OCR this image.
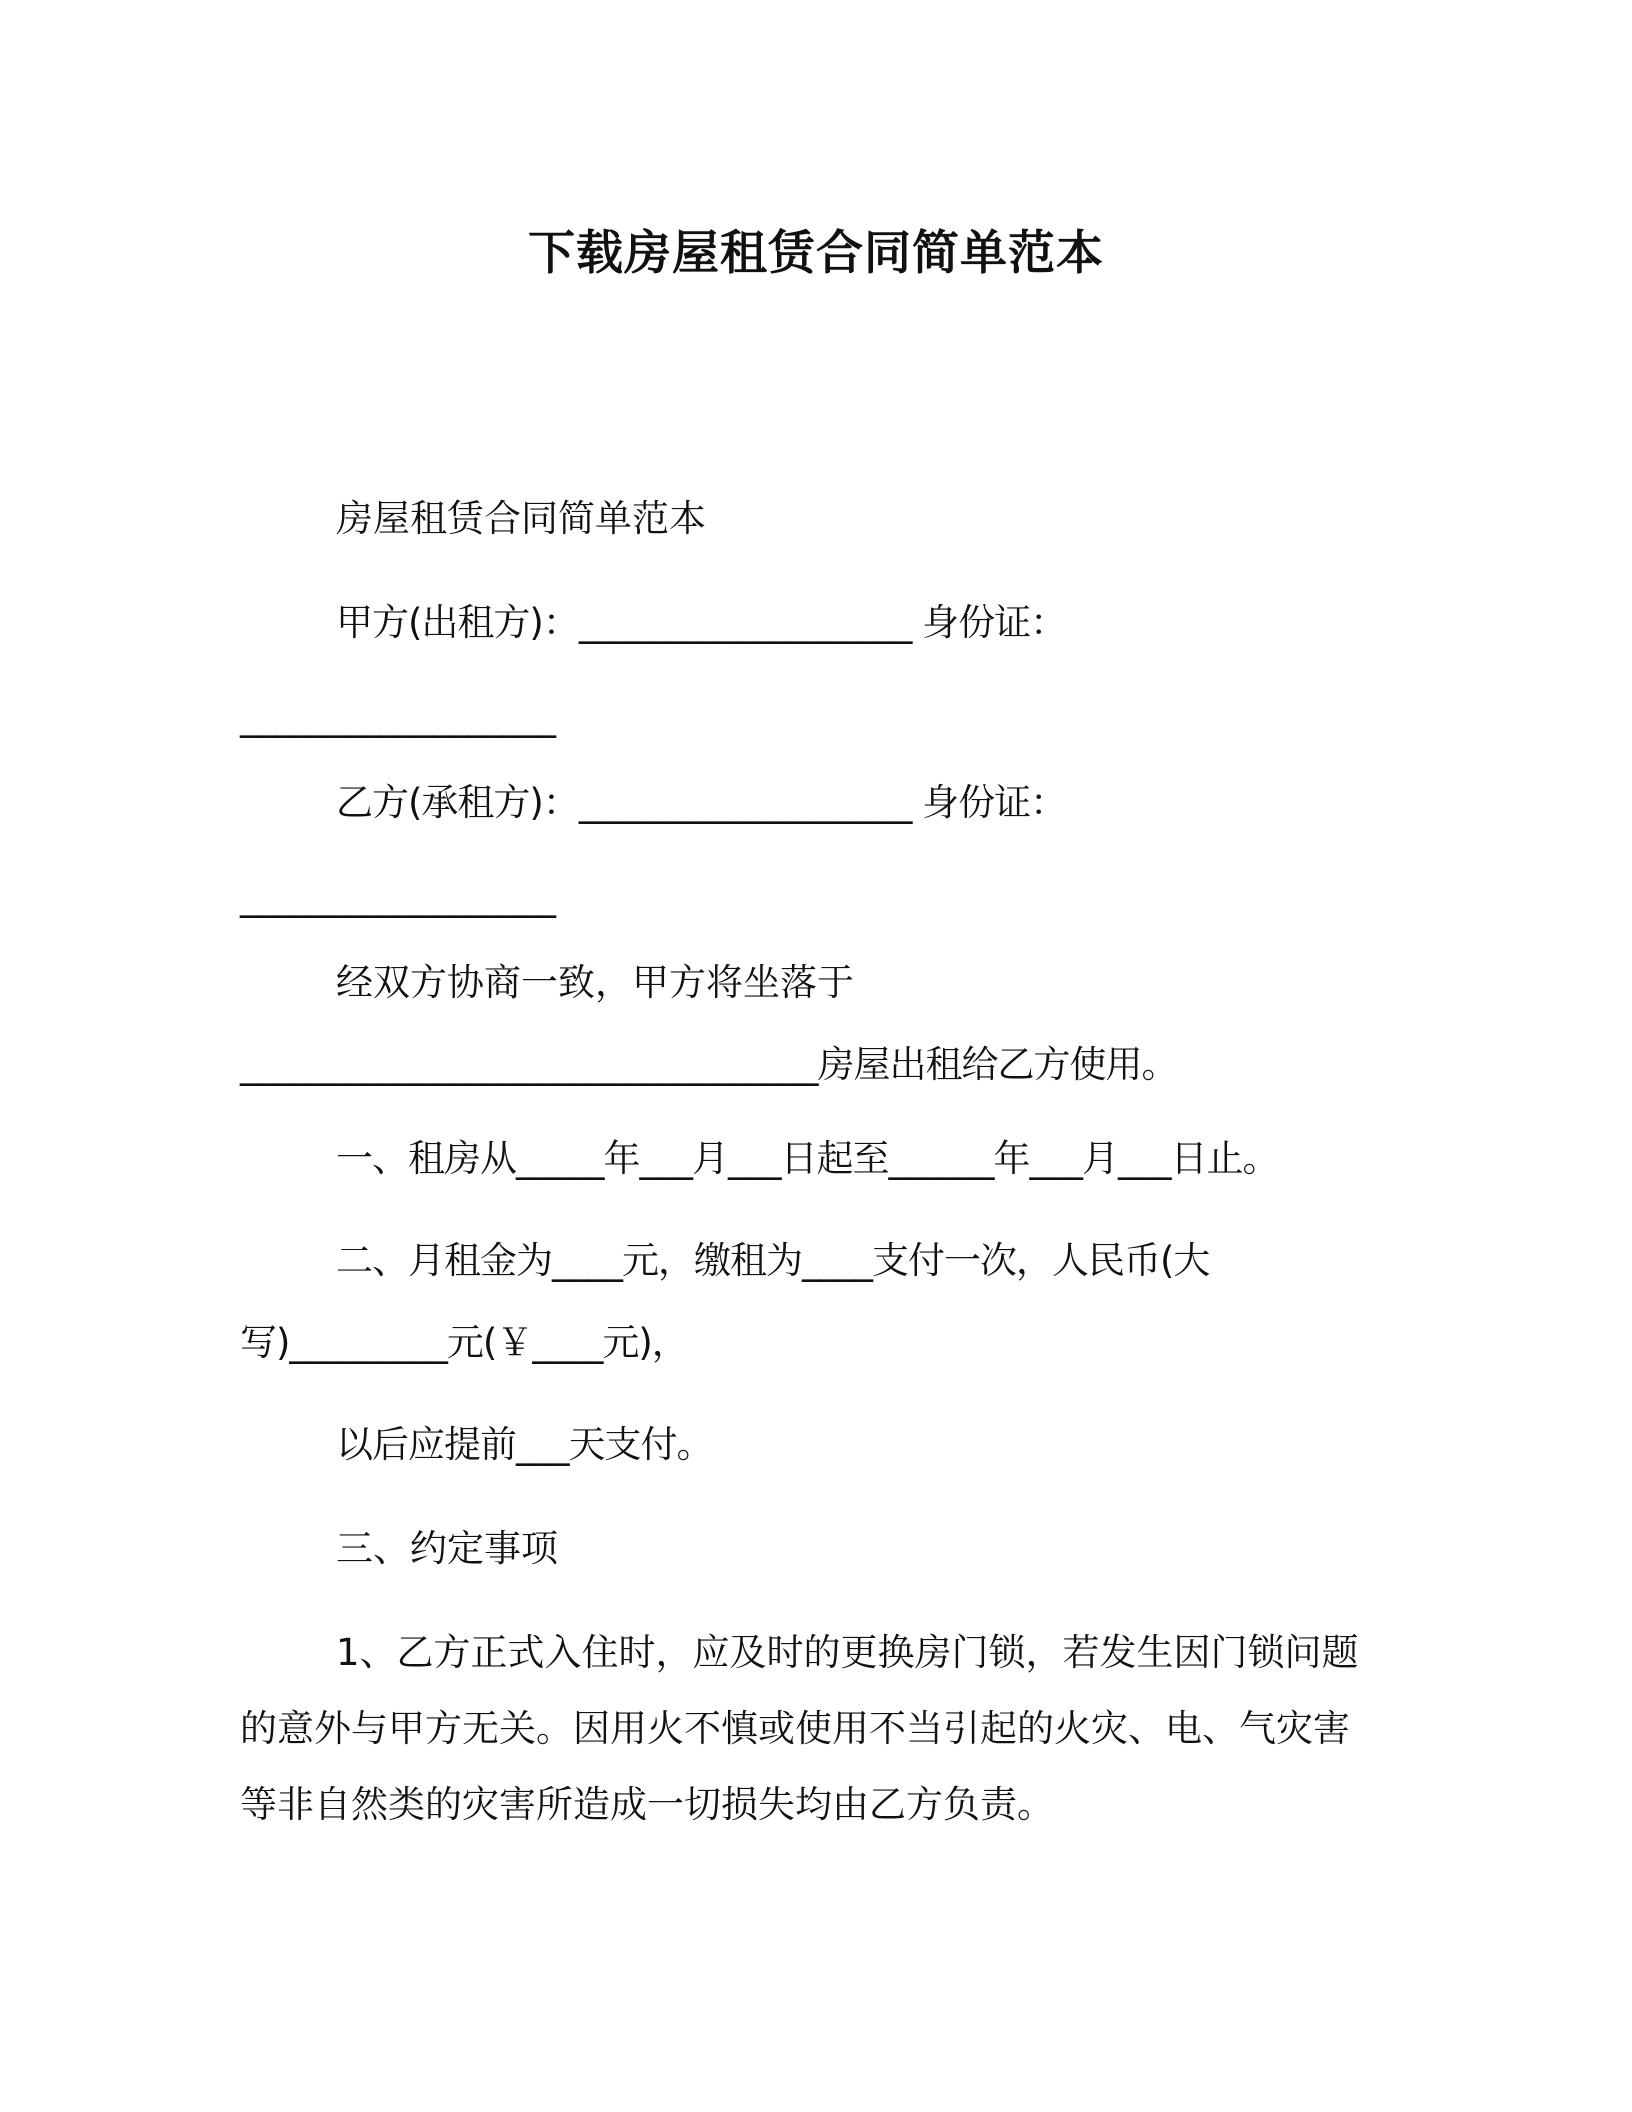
下载房屋租赁合同简单范本
房屋租赁合同简单范本
甲方(出租方)：___________________ 身份证：
__________________
乙方(承租方)：___________________ 身份证：
__________________
经双方协商一致，甲方将坐落于
_________________________________房屋出租给乙方使用。
一、租房从_____年___月___日起至______年___月___日止。
二、月租金为____元，缴租为____支付一次，人民币(大
写)_________元(￥____元)，
以后应提前___天支付。
三、约定事项
1、乙方正式入住时，应及时的更换房门锁，若发生因门锁问题
的意外与甲方无关。因用火不慎或使用不当引起的火灾、电、气灾害
等非自然类的灾害所造成一切损失均由乙方负责。
